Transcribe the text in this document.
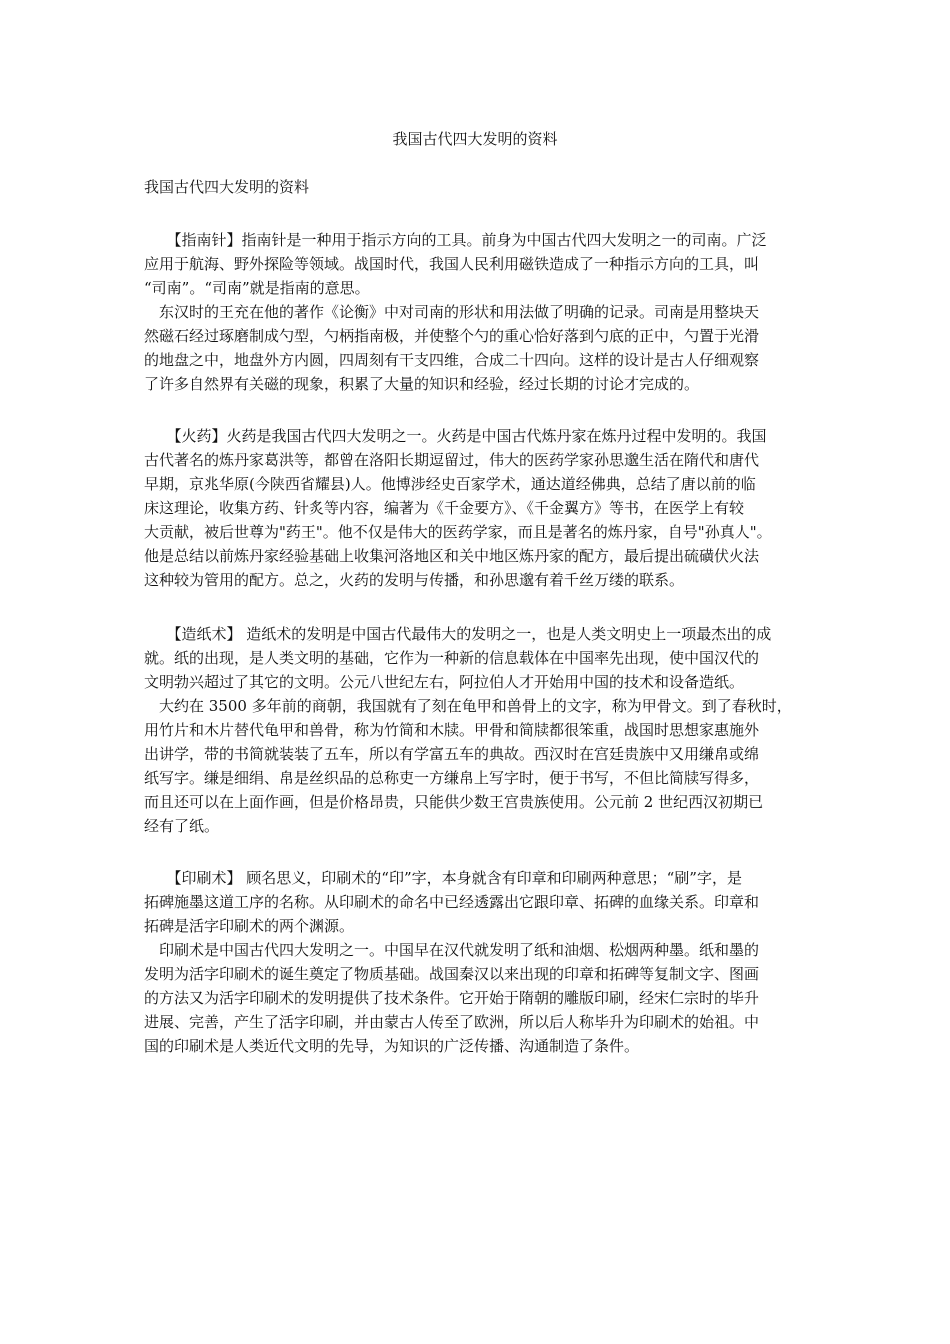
我国古代四大发明的资料

我国古代四大发明的资料

　　【指南针】指南针是一种用于指示方向的工具。前身为中国古代四大发明之一的司南。广泛

应用于航海、野外探险等领域。战国时代，我国人民利用磁铁造成了一种指示方向的工具，叫

“司南”。“司南”就是指南的意思。

　东汉时的王充在他的著作《论衡》中对司南的形状和用法做了明确的记录。司南是用整块天

然磁石经过琢磨制成勺型，勺柄指南极，并使整个勺的重心恰好落到勺底的正中，勺置于光滑

的地盘之中，地盘外方内圆，四周刻有干支四维，合成二十四向。这样的设计是古人仔细观察

了许多自然界有关磁的现象，积累了大量的知识和经验，经过长期的讨论才完成的。

　　【火药】火药是我国古代四大发明之一。火药是中国古代炼丹家在炼丹过程中发明的。我国

古代著名的炼丹家葛洪等，都曾在洛阳长期逗留过，伟大的医药学家孙思邈生活在隋代和唐代

早期，京兆华原(今陕西省耀县)人。他博涉经史百家学术，通达道经佛典，总结了唐以前的临

床这理论，收集方药、针炙等内容，编著为《千金要方》、《千金翼方》等书，在医学上有较

大贡献，被后世尊为"药王"。他不仅是伟大的医药学家，而且是著名的炼丹家，自号"孙真人"。

他是总结以前炼丹家经验基础上收集河洛地区和关中地区炼丹家的配方，最后提出硫磺伏火法

这种较为管用的配方。总之，火药的发明与传播，和孙思邈有着千丝万缕的联系。

　　【造纸术】 造纸术的发明是中国古代最伟大的发明之一，也是人类文明史上一项最杰出的成

就。纸的出现，是人类文明的基础，它作为一种新的信息载体在中国率先出现，使中国汉代的

文明勃兴超过了其它的文明。公元八世纪左右，阿拉伯人才开始用中国的技术和设备造纸。

　大约在 3500 多年前的商朝，我国就有了刻在龟甲和兽骨上的文字，称为甲骨文。到了春秋时，

用竹片和木片替代龟甲和兽骨，称为竹简和木牍。甲骨和简牍都很笨重，战国时思想家惠施外

出讲学，带的书简就装装了五车，所以有学富五车的典故。西汉时在宫廷贵族中又用缣帛或绵

纸写字。缣是细绢、帛是丝织品的总称吏一方缣帛上写字时，便于书写，不但比简牍写得多，

而且还可以在上面作画，但是价格昂贵，只能供少数王宫贵族使用。公元前 2 世纪西汉初期已

经有了纸。

　　【印刷术】 顾名思义，印刷术的“印”字，本身就含有印章和印刷两种意思；“刷”字，是

拓碑施墨这道工序的名称。从印刷术的命名中已经透露出它跟印章、拓碑的血缘关系。印章和

拓碑是活字印刷术的两个渊源。

　印刷术是中国古代四大发明之一。中国早在汉代就发明了纸和油烟、松烟两种墨。纸和墨的

发明为活字印刷术的诞生奠定了物质基础。战国秦汉以来出现的印章和拓碑等复制文字、图画

的方法又为活字印刷术的发明提供了技术条件。它开始于隋朝的雕版印刷，经宋仁宗时的毕升

进展、完善，产生了活字印刷，并由蒙古人传至了欧洲，所以后人称毕升为印刷术的始祖。中

国的印刷术是人类近代文明的先导，为知识的广泛传播、沟通制造了条件。
